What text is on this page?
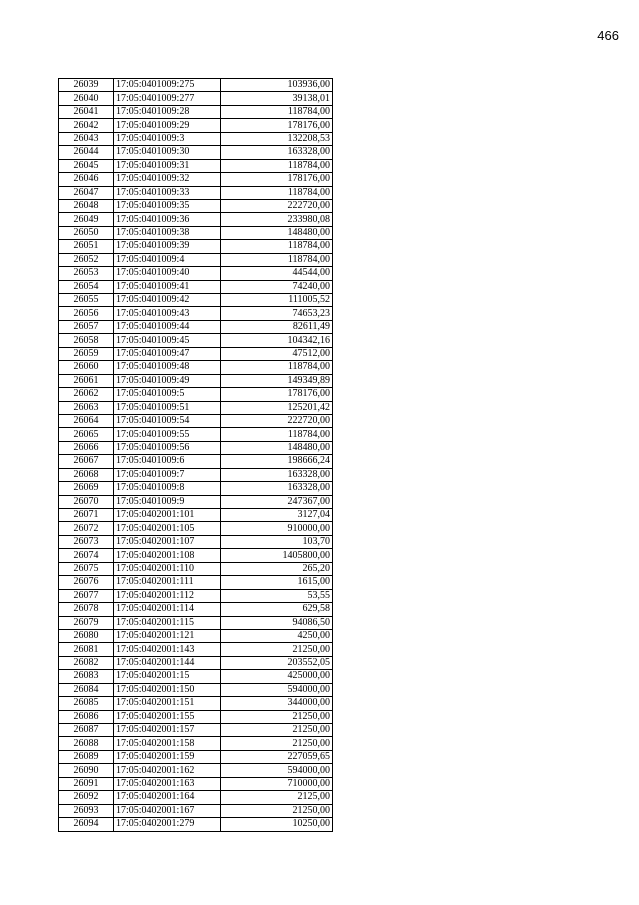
466
26039	17:05:0401009:275	103936,00
26040	17:05:0401009:277	39138,01
26041	17:05:0401009:28	118784,00
26042	17:05:0401009:29	178176,00
26043	17:05:0401009:3	132208,53
26044	17:05:0401009:30	163328,00
26045	17:05:0401009:31	118784,00
26046	17:05:0401009:32	178176,00
26047	17:05:0401009:33	118784,00
26048	17:05:0401009:35	222720,00
26049	17:05:0401009:36	233980,08
26050	17:05:0401009:38	148480,00
26051	17:05:0401009:39	118784,00
26052	17:05:0401009:4	118784,00
26053	17:05:0401009:40	44544,00
26054	17:05:0401009:41	74240,00
26055	17:05:0401009:42	111005,52
26056	17:05:0401009:43	74653,23
26057	17:05:0401009:44	82611,49
26058	17:05:0401009:45	104342,16
26059	17:05:0401009:47	47512,00
26060	17:05:0401009:48	118784,00
26061	17:05:0401009:49	149349,89
26062	17:05:0401009:5	178176,00
26063	17:05:0401009:51	125201,42
26064	17:05:0401009:54	222720,00
26065	17:05:0401009:55	118784,00
26066	17:05:0401009:56	148480,00
26067	17:05:0401009:6	198666,24
26068	17:05:0401009:7	163328,00
26069	17:05:0401009:8	163328,00
26070	17:05:0401009:9	247367,00
26071	17:05:0402001:101	3127,04
26072	17:05:0402001:105	910000,00
26073	17:05:0402001:107	103,70
26074	17:05:0402001:108	1405800,00
26075	17:05:0402001:110	265,20
26076	17:05:0402001:111	1615,00
26077	17:05:0402001:112	53,55
26078	17:05:0402001:114	629,58
26079	17:05:0402001:115	94086,50
26080	17:05:0402001:121	4250,00
26081	17:05:0402001:143	21250,00
26082	17:05:0402001:144	203552,05
26083	17:05:0402001:15	425000,00
26084	17:05:0402001:150	594000,00
26085	17:05:0402001:151	344000,00
26086	17:05:0402001:155	21250,00
26087	17:05:0402001:157	21250,00
26088	17:05:0402001:158	21250,00
26089	17:05:0402001:159	227059,65
26090	17:05:0402001:162	594000,00
26091	17:05:0402001:163	710000,00
26092	17:05:0402001:164	2125,00
26093	17:05:0402001:167	21250,00
26094	17:05:0402001:279	10250,00
